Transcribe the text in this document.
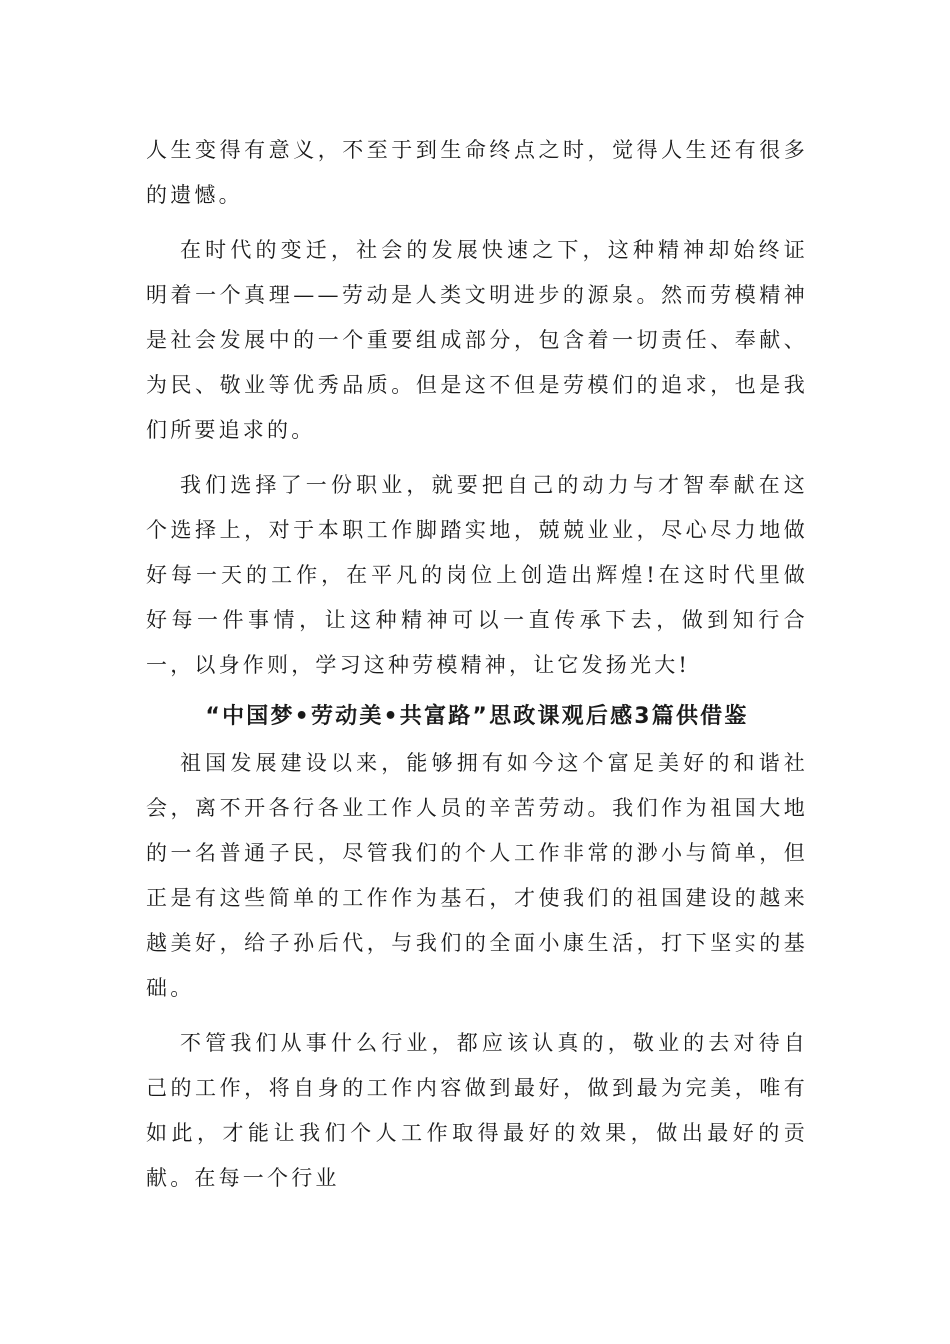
人生变得有意义，不至于到生命终点之时，觉得人生还有很多的遗憾。

在时代的变迁，社会的发展快速之下，这种精神却始终证明着一个真理——劳动是人类文明进步的源泉。然而劳模精神是社会发展中的一个重要组成部分，包含着一切责任、奉献、为民、敬业等优秀品质。但是这不但是劳模们的追求，也是我们所要追求的。

我们选择了一份职业，就要把自己的动力与才智奉献在这个选择上，对于本职工作脚踏实地，兢兢业业，尽心尽力地做好每一天的工作，在平凡的岗位上创造出辉煌!在这时代里做好每一件事情，让这种精神可以一直传承下去，做到知行合一，以身作则，学习这种劳模精神，让它发扬光大!

“中国梦•劳动美•共富路”思政课观后感3篇供借鉴

祖国发展建设以来，能够拥有如今这个富足美好的和谐社会，离不开各行各业工作人员的辛苦劳动。我们作为祖国大地的一名普通子民，尽管我们的个人工作非常的渺小与简单，但正是有这些简单的工作作为基石，才使我们的祖国建设的越来越美好，给子孙后代，与我们的全面小康生活，打下坚实的基础。

不管我们从事什么行业，都应该认真的，敬业的去对待自己的工作，将自身的工作内容做到最好，做到最为完美，唯有如此，才能让我们个人工作取得最好的效果，做出最好的贡献。在每一个行业
